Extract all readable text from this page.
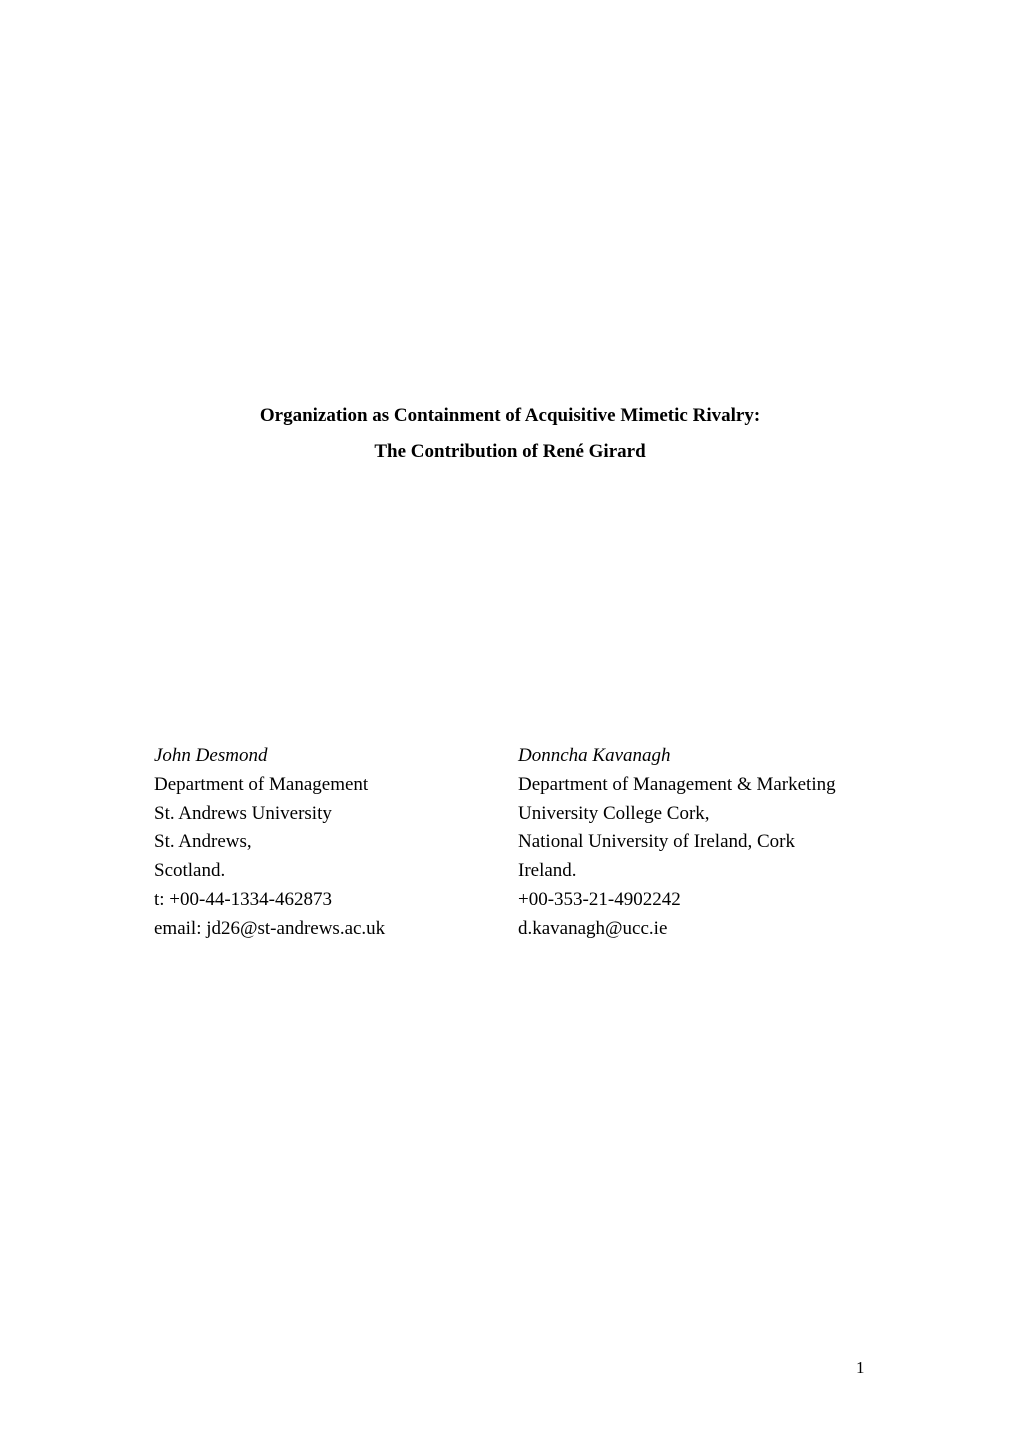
Organization as Containment of Acquisitive Mimetic Rivalry:
The Contribution of René Girard
John Desmond
Department of Management
St. Andrews University
St. Andrews,
Scotland.
t: +00-44-1334-462873
email: jd26@st-andrews.ac.uk
Donncha Kavanagh
Department of Management & Marketing
University College Cork,
National University of Ireland, Cork
Ireland.
+00-353-21-4902242
d.kavanagh@ucc.ie
1
